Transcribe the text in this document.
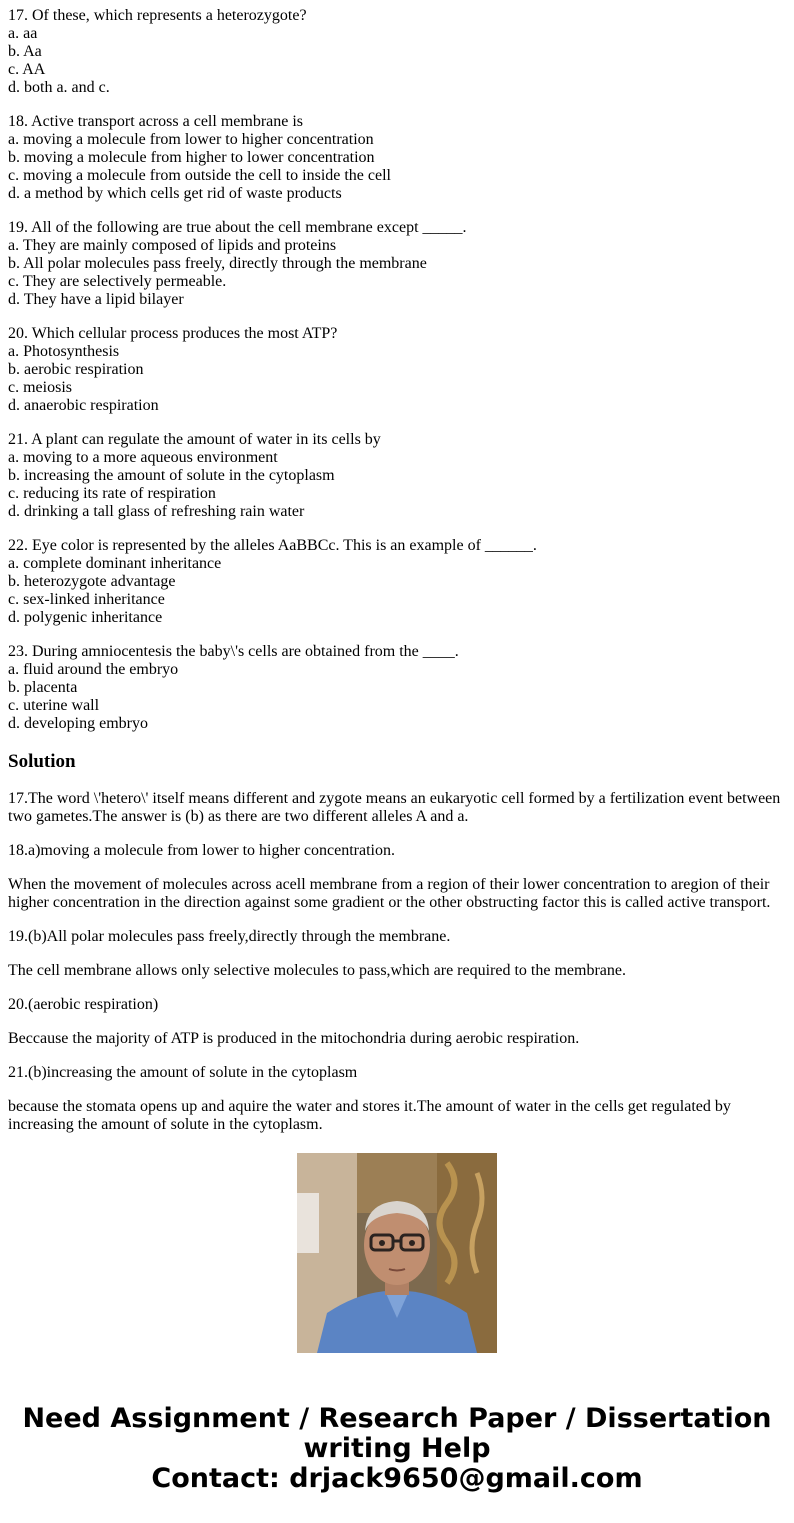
17. Of these, which represents a heterozygote?
a. aa
b. Aa
c. AA
d. both a. and c.
18. Active transport across a cell membrane is
a. moving a molecule from lower to higher concentration
b. moving a molecule from higher to lower concentration
c. moving a molecule from outside the cell to inside the cell
d. a method by which cells get rid of waste products
19. All of the following are true about the cell membrane except _____.
a. They are mainly composed of lipids and proteins
b. All polar molecules pass freely, directly through the membrane
c. They are selectively permeable.
d. They have a lipid bilayer
20. Which cellular process produces the most ATP?
a. Photosynthesis
b. aerobic respiration
c. meiosis
d. anaerobic respiration
21. A plant can regulate the amount of water in its cells by
a. moving to a more aqueous environment
b. increasing the amount of solute in the cytoplasm
c. reducing its rate of respiration
d. drinking a tall glass of refreshing rain water
22. Eye color is represented by the alleles AaBBCc. This is an example of ______.
a. complete dominant inheritance
b. heterozygote advantage
c. sex-linked inheritance
d. polygenic inheritance
23. During amniocentesis the baby\'s cells are obtained from the ____.
a. fluid around the embryo
b. placenta
c. uterine wall
d. developing embryo
Solution

17.The word \'hetero\' itself means different and zygote means an eukaryotic cell formed by a fertilization event between two gametes.The answer is (b) as there are two different alleles A and a.

18.a)moving a molecule from lower to higher concentration.

When the movement of molecules across acell membrane from a region of their lower concentration to aregion of their higher concentration in the direction against some gradient or the other obstructing factor this is called active transport.

19.(b)All polar molecules pass freely,directly through the membrane.

The cell membrane allows only selective molecules to pass,which are required to the membrane.

20.(aerobic respiration)

Beccause the majority of ATP is produced in the mitochondria during aerobic respiration.

21.(b)increasing the amount of solute in the cytoplasm

because the stomata opens up and aquire the water and stores it.The amount of water in the cells get regulated by increasing the amount of solute in the cytoplasm.

Need Assignment / Research Paper / Dissertation
writing Help
Contact: drjack9650@gmail.com
